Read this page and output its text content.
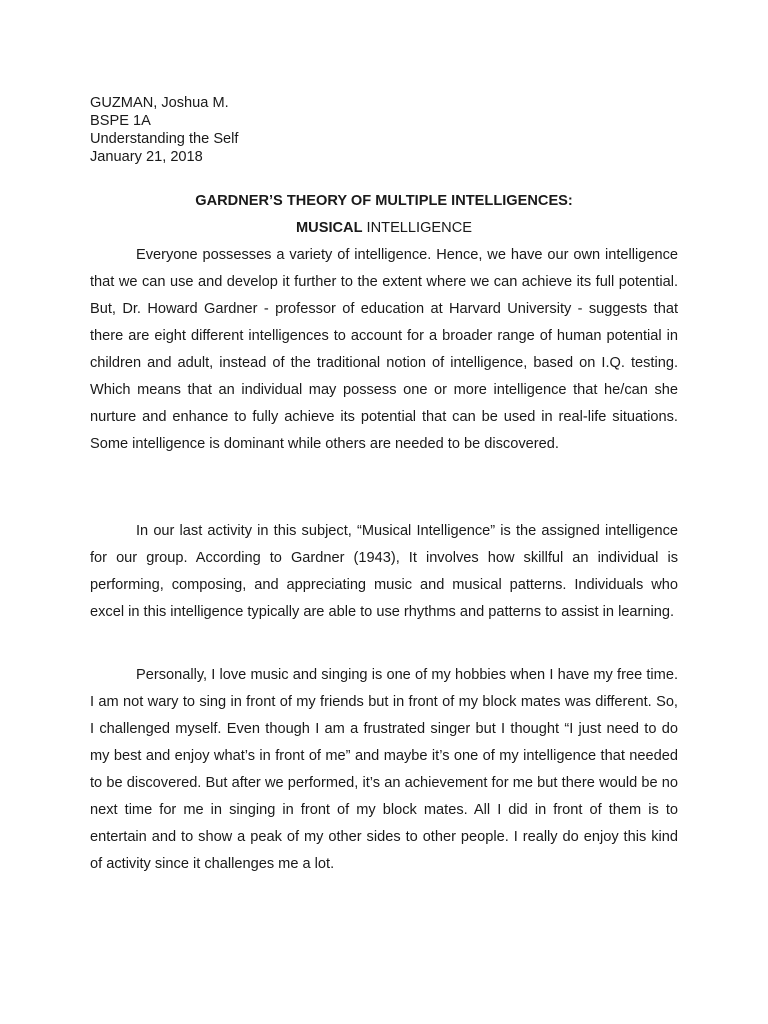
GUZMAN, Joshua M.
BSPE 1A
Understanding the Self
January 21, 2018
GARDNER’S THEORY OF MULTIPLE INTELLIGENCES:
MUSICAL INTELLIGENCE

Everyone possesses a variety of intelligence. Hence, we have our own intelligence that we can use and develop it further to the extent where we can achieve its full potential. But, Dr. Howard Gardner - professor of education at Harvard University - suggests that there are eight different intelligences to account for a broader range of human potential in children and adult, instead of the traditional notion of intelligence, based on I.Q. testing. Which means that an individual may possess one or more intelligence that he/can she nurture and enhance to fully achieve its potential that can be used in real-life situations. Some intelligence is dominant while others are needed to be discovered.

In our last activity in this subject, “Musical Intelligence” is the assigned intelligence for our group. According to Gardner (1943), It involves how skillful an individual is performing, composing, and appreciating music and musical patterns. Individuals who excel in this intelligence typically are able to use rhythms and patterns to assist in learning.

Personally, I love music and singing is one of my hobbies when I have my free time. I am not wary to sing in front of my friends but in front of my block mates was different. So, I challenged myself. Even though I am a frustrated singer but I thought “I just need to do my best and enjoy what’s in front of me” and maybe it’s one of my intelligence that needed to be discovered. But after we performed, it’s an achievement for me but there would be no next time for me in singing in front of my block mates. All I did in front of them is to entertain and to show a peak of my other sides to other people. I really do enjoy this kind of activity since it challenges me a lot.
